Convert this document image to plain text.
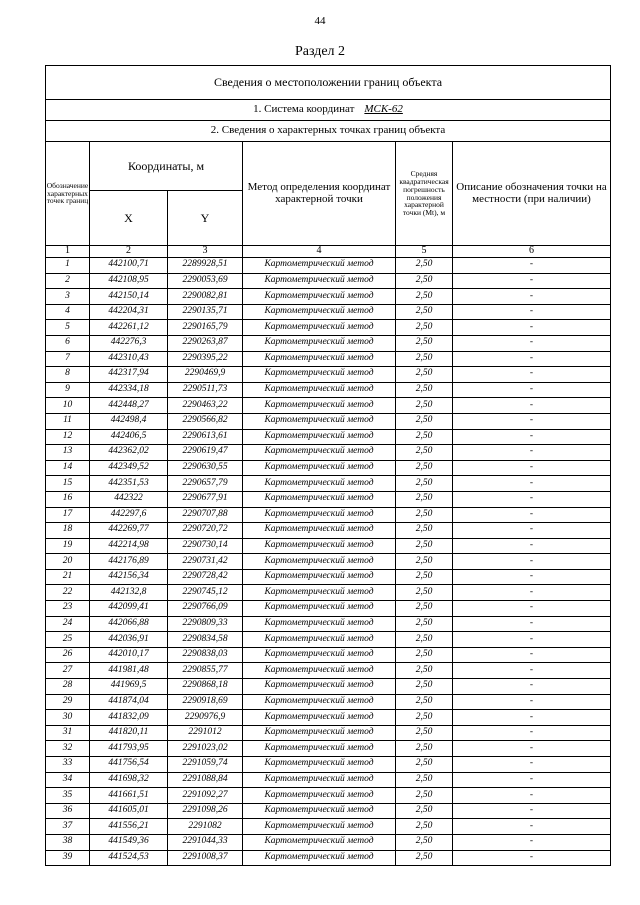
44
Раздел 2
Сведения о местоположении границ объекта					
1. Система координат МСК-62					
2. Сведения о характерных точках границ объекта					
Обозначение характерных точек границ	Координаты, м		Метод определения координат характерной точки	Средняя квадратическая погрешность положения характерной точки (Mt), м	Описание обозначения точки на местности (при наличии)
	X	Y			
1	2	3	4	5	6
1	442100,71	2289928,51	Картометрический метод	2,50	-
2	442108,95	2290053,69	Картометрический метод	2,50	-
3	442150,14	2290082,81	Картометрический метод	2,50	-
4	442204,31	2290135,71	Картометрический метод	2,50	-
5	442261,12	2290165,79	Картометрический метод	2,50	-
6	442276,3	2290263,87	Картометрический метод	2,50	-
7	442310,43	2290395,22	Картометрический метод	2,50	-
8	442317,94	2290469,9	Картометрический метод	2,50	-
9	442334,18	2290511,73	Картометрический метод	2,50	-
10	442448,27	2290463,22	Картометрический метод	2,50	-
11	442498,4	2290566,82	Картометрический метод	2,50	-
12	442406,5	2290613,61	Картометрический метод	2,50	-
13	442362,02	2290619,47	Картометрический метод	2,50	-
14	442349,52	2290630,55	Картометрический метод	2,50	-
15	442351,53	2290657,79	Картометрический метод	2,50	-
16	442322	2290677,91	Картометрический метод	2,50	-
17	442297,6	2290707,88	Картометрический метод	2,50	-
18	442269,77	2290720,72	Картометрический метод	2,50	-
19	442214,98	2290730,14	Картометрический метод	2,50	-
20	442176,89	2290731,42	Картометрический метод	2,50	-
21	442156,34	2290728,42	Картометрический метод	2,50	-
22	442132,8	2290745,12	Картометрический метод	2,50	-
23	442099,41	2290766,09	Картометрический метод	2,50	-
24	442066,88	2290809,33	Картометрический метод	2,50	-
25	442036,91	2290834,58	Картометрический метод	2,50	-
26	442010,17	2290838,03	Картометрический метод	2,50	-
27	441981,48	2290855,77	Картометрический метод	2,50	-
28	441969,5	2290868,18	Картометрический метод	2,50	-
29	441874,04	2290918,69	Картометрический метод	2,50	-
30	441832,09	2290976,9	Картометрический метод	2,50	-
31	441820,11	2291012	Картометрический метод	2,50	-
32	441793,95	2291023,02	Картометрический метод	2,50	-
33	441756,54	2291059,74	Картометрический метод	2,50	-
34	441698,32	2291088,84	Картометрический метод	2,50	-
35	441661,51	2291092,27	Картометрический метод	2,50	-
36	441605,01	2291098,26	Картометрический метод	2,50	-
37	441556,21	2291082	Картометрический метод	2,50	-
38	441549,36	2291044,33	Картометрический метод	2,50	-
39	441524,53	2291008,37	Картометрический метод	2,50	-
